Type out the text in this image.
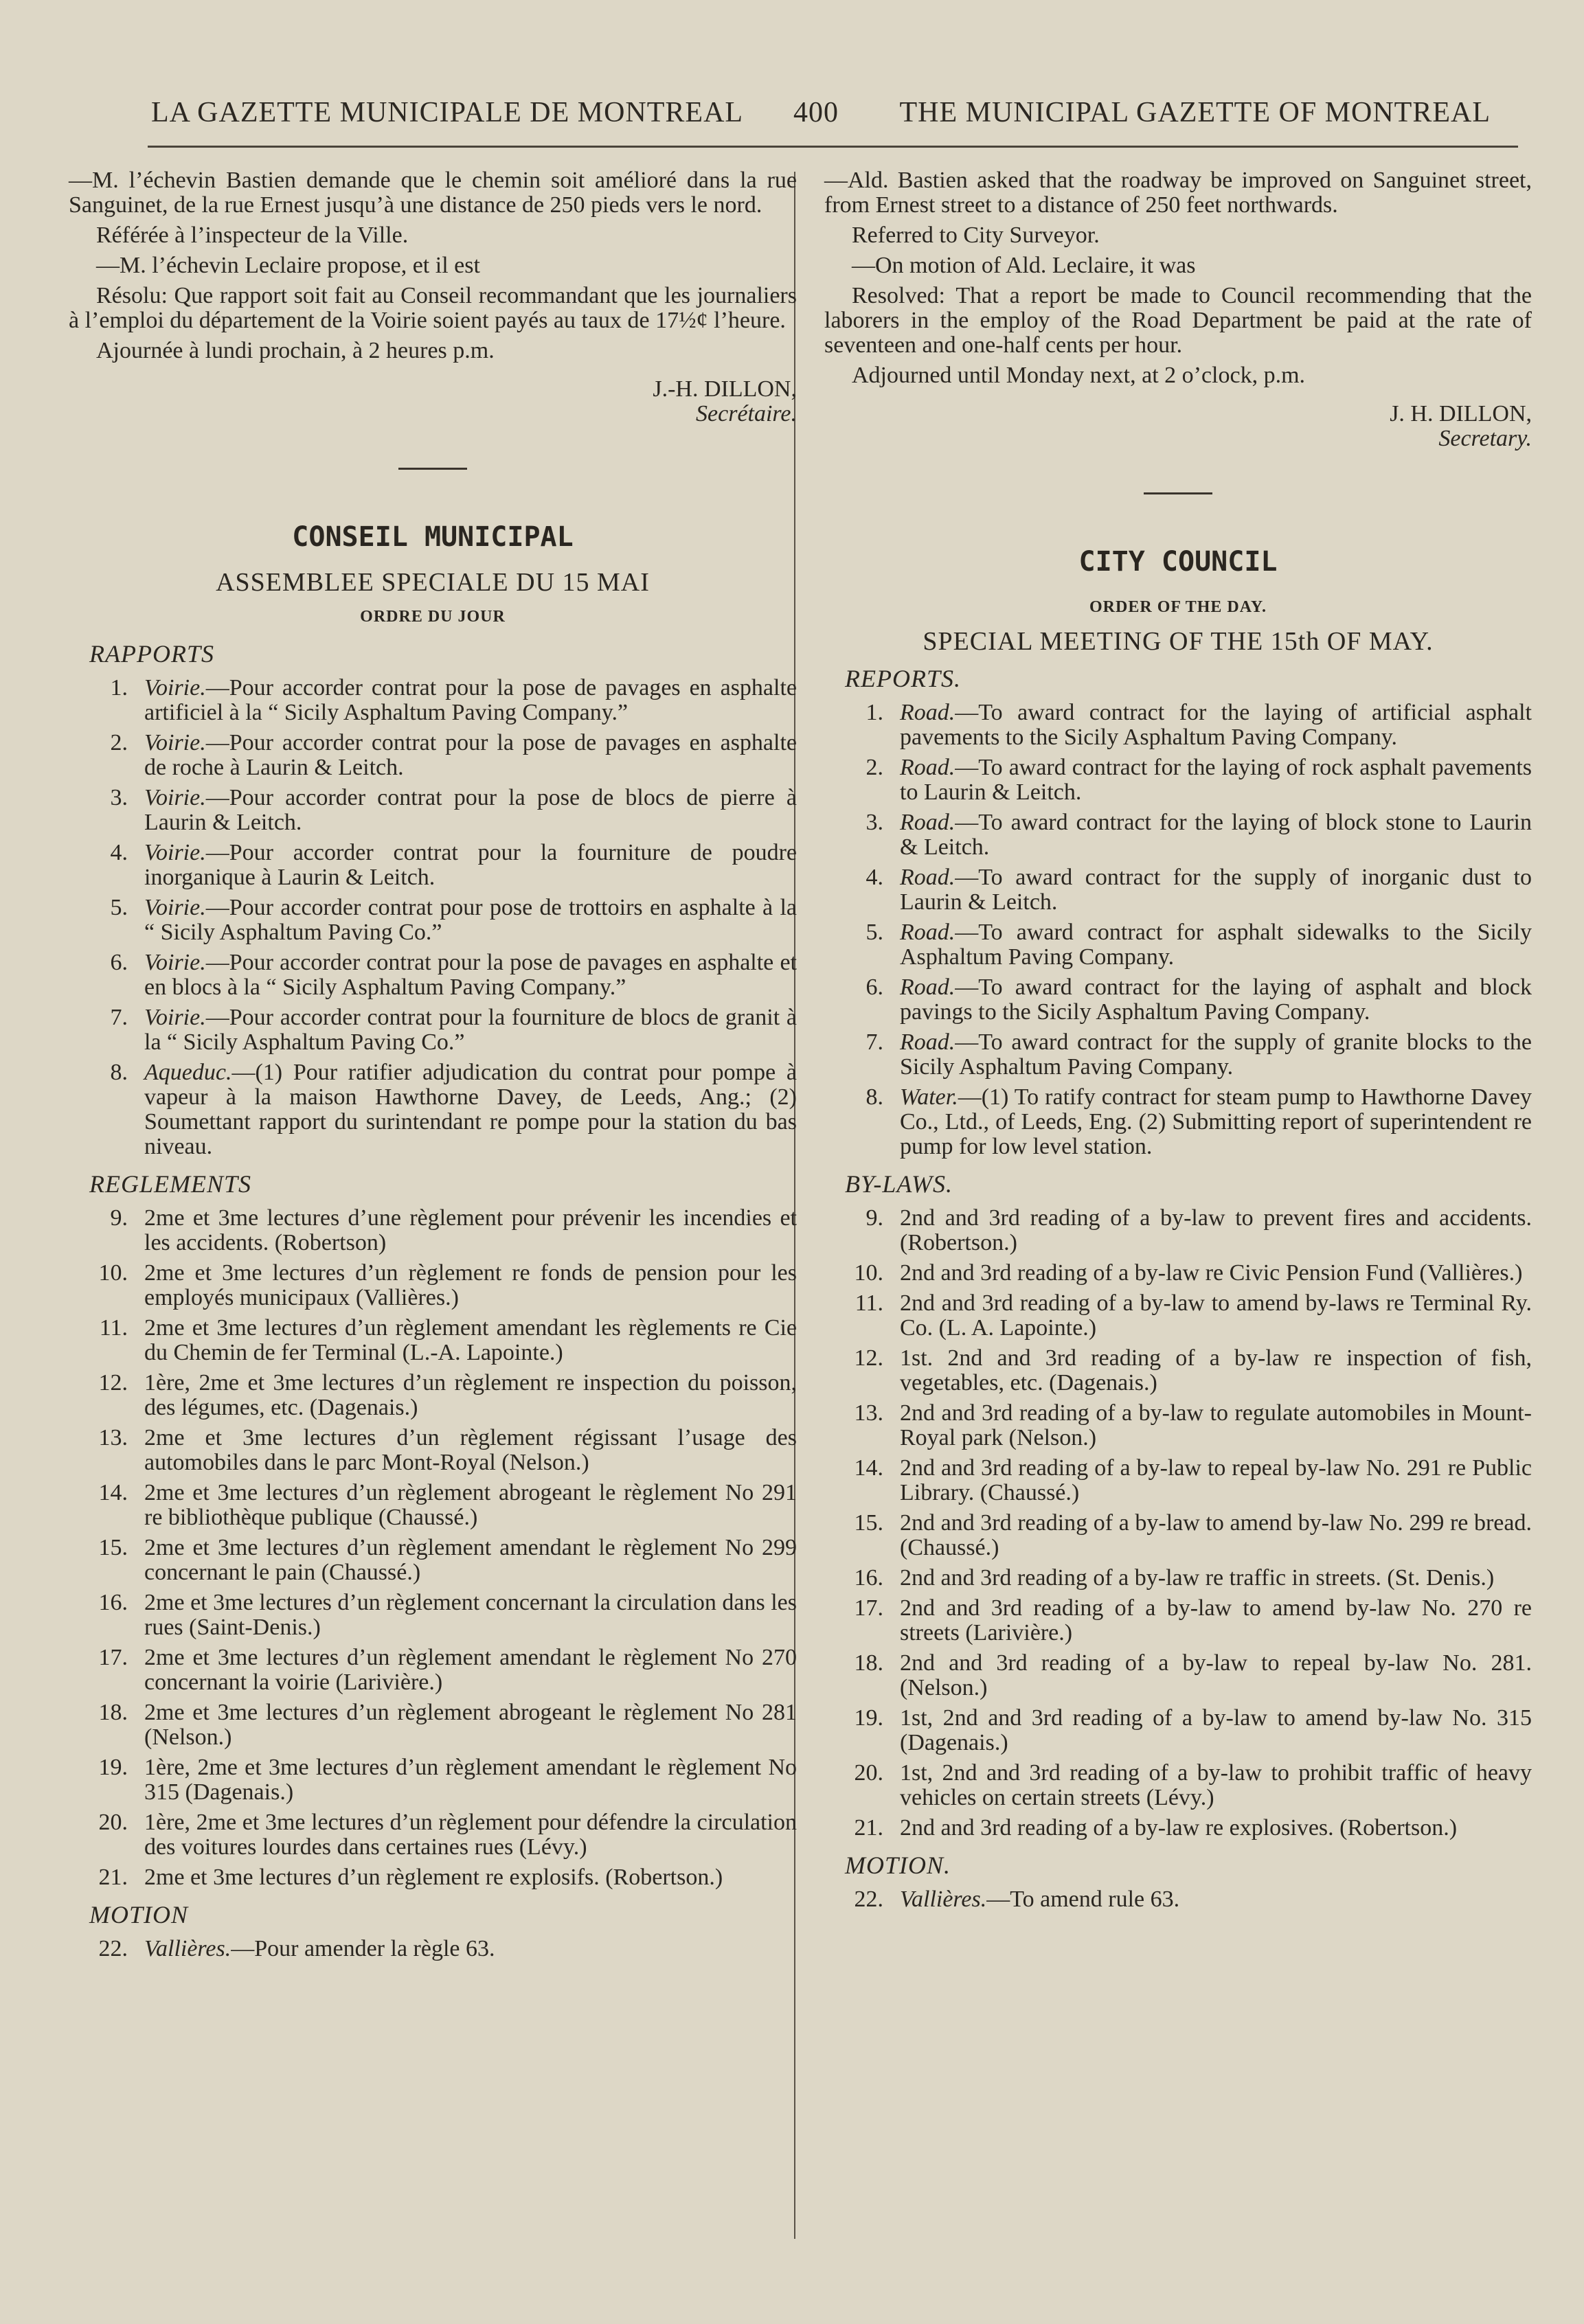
LA GAZETTE MUNICIPALE DE MONTREAL 400 THE MUNICIPAL GAZETTE OF MONTREAL

—M. l’échevin Bastien demande que le chemin soit amélioré dans la rue Sanguinet, de la rue Ernest jusqu’à une distance de 250 pieds vers le nord.

Référée à l’inspecteur de la Ville.

—M. l’échevin Leclaire propose, et il est

Résolu: Que rapport soit fait au Conseil recommandant que les journaliers à l’emploi du département de la Voirie soient payés au taux de 17½¢ l’heure.

Ajournée à lundi prochain, à 2 heures p.m.

J.-H. DILLON,
Secrétaire.
CONSEIL MUNICIPAL
ASSEMBLEE SPECIALE DU 15 MAI
ORDRE DU JOUR
RAPPORTS
1. Voirie.—Pour accorder contrat pour la pose de pavages en asphalte artificiel à la “ Sicily Asphaltum Paving Company.”
2. Voirie.—Pour accorder contrat pour la pose de pavages en asphalte de roche à Laurin & Leitch.
3. Voirie.—Pour accorder contrat pour la pose de blocs de pierre à Laurin & Leitch.
4. Voirie.—Pour accorder contrat pour la fourniture de poudre inorganique à Laurin & Leitch.
5. Voirie.—Pour accorder contrat pour pose de trottoirs en asphalte à la “ Sicily Asphaltum Paving Co.”
6. Voirie.—Pour accorder contrat pour la pose de pavages en asphalte et en blocs à la “ Sicily Asphaltum Paving Company.”
7. Voirie.—Pour accorder contrat pour la fourniture de blocs de granit à la “ Sicily Asphaltum Paving Co.”
8. Aqueduc.—(1) Pour ratifier adjudication du contrat pour pompe à vapeur à la maison Hawthorne Davey, de Leeds, Ang.; (2) Soumettant rapport du surintendant re pompe pour la station du bas niveau.
REGLEMENTS
9. 2me et 3me lectures d’une règlement pour prévenir les incendies et les accidents. (Robertson)
10. 2me et 3me lectures d’un règlement re fonds de pension pour les employés municipaux (Vallières.)
11. 2me et 3me lectures d’un règlement amendant les règlements re Cie du Chemin de fer Terminal (L.-A. Lapointe.)
12. 1ère, 2me et 3me lectures d’un règlement re inspection du poisson, des légumes, etc. (Dagenais.)
13. 2me et 3me lectures d’un règlement régissant l’usage des automobiles dans le parc Mont-Royal (Nelson.)
14. 2me et 3me lectures d’un règlement abrogeant le règlement No 291 re bibliothèque publique (Chaussé.)
15. 2me et 3me lectures d’un règlement amendant le règlement No 299 concernant le pain (Chaussé.)
16. 2me et 3me lectures d’un règlement concernant la circulation dans les rues (Saint-Denis.)
17. 2me et 3me lectures d’un règlement amendant le règlement No 270 concernant la voirie (Larivière.)
18. 2me et 3me lectures d’un règlement abrogeant le règlement No 281 (Nelson.)
19. 1ère, 2me et 3me lectures d’un règlement amendant le règlement No 315 (Dagenais.)
20. 1ère, 2me et 3me lectures d’un règlement pour défendre la circulation des voitures lourdes dans certaines rues (Lévy.)
21. 2me et 3me lectures d’un règlement re explosifs. (Robertson.)
MOTION
22. Vallières.—Pour amender la règle 63.

—Ald. Bastien asked that the roadway be improved on Sanguinet street, from Ernest street to a distance of 250 feet northwards.

Referred to City Surveyor.

—On motion of Ald. Leclaire, it was

Resolved: That a report be made to Council recommending that the laborers in the employ of the Road Department be paid at the rate of seventeen and one-half cents per hour.

Adjourned until Monday next, at 2 o’clock, p.m.

J. H. DILLON,
Secretary.
CITY COUNCIL
ORDER OF THE DAY.
SPECIAL MEETING OF THE 15th OF MAY.
REPORTS.
1. Road.—To award contract for the laying of artificial asphalt pavements to the Sicily Asphaltum Paving Company.
2. Road.—To award contract for the laying of rock asphalt pavements to Laurin & Leitch.
3. Road.—To award contract for the laying of block stone to Laurin & Leitch.
4. Road.—To award contract for the supply of inorganic dust to Laurin & Leitch.
5. Road.—To award contract for asphalt sidewalks to the Sicily Asphaltum Paving Company.
6. Road.—To award contract for the laying of asphalt and block pavings to the Sicily Asphaltum Paving Company.
7. Road.—To award contract for the supply of granite blocks to the Sicily Asphaltum Paving Company.
8. Water.—(1) To ratify contract for steam pump to Hawthorne Davey Co., Ltd., of Leeds, Eng. (2) Submitting report of superintendent re pump for low level station.
BY-LAWS.
9. 2nd and 3rd reading of a by-law to prevent fires and accidents. (Robertson.)
10. 2nd and 3rd reading of a by-law re Civic Pension Fund (Vallières.)
11. 2nd and 3rd reading of a by-law to amend by-laws re Terminal Ry. Co. (L. A. Lapointe.)
12. 1st. 2nd and 3rd reading of a by-law re inspection of fish, vegetables, etc. (Dagenais.)
13. 2nd and 3rd reading of a by-law to regulate automobiles in Mount-Royal park (Nelson.)
14. 2nd and 3rd reading of a by-law to repeal by-law No. 291 re Public Library. (Chaussé.)
15. 2nd and 3rd reading of a by-law to amend by-law No. 299 re bread. (Chaussé.)
16. 2nd and 3rd reading of a by-law re traffic in streets. (St. Denis.)
17. 2nd and 3rd reading of a by-law to amend by-law No. 270 re streets (Larivière.)
18. 2nd and 3rd reading of a by-law to repeal by-law No. 281. (Nelson.)
19. 1st, 2nd and 3rd reading of a by-law to amend by-law No. 315 (Dagenais.)
20. 1st, 2nd and 3rd reading of a by-law to prohibit traffic of heavy vehicles on certain streets (Lévy.)
21. 2nd and 3rd reading of a by-law re explosives. (Robertson.)
MOTION.
22. Vallières.—To amend rule 63.
